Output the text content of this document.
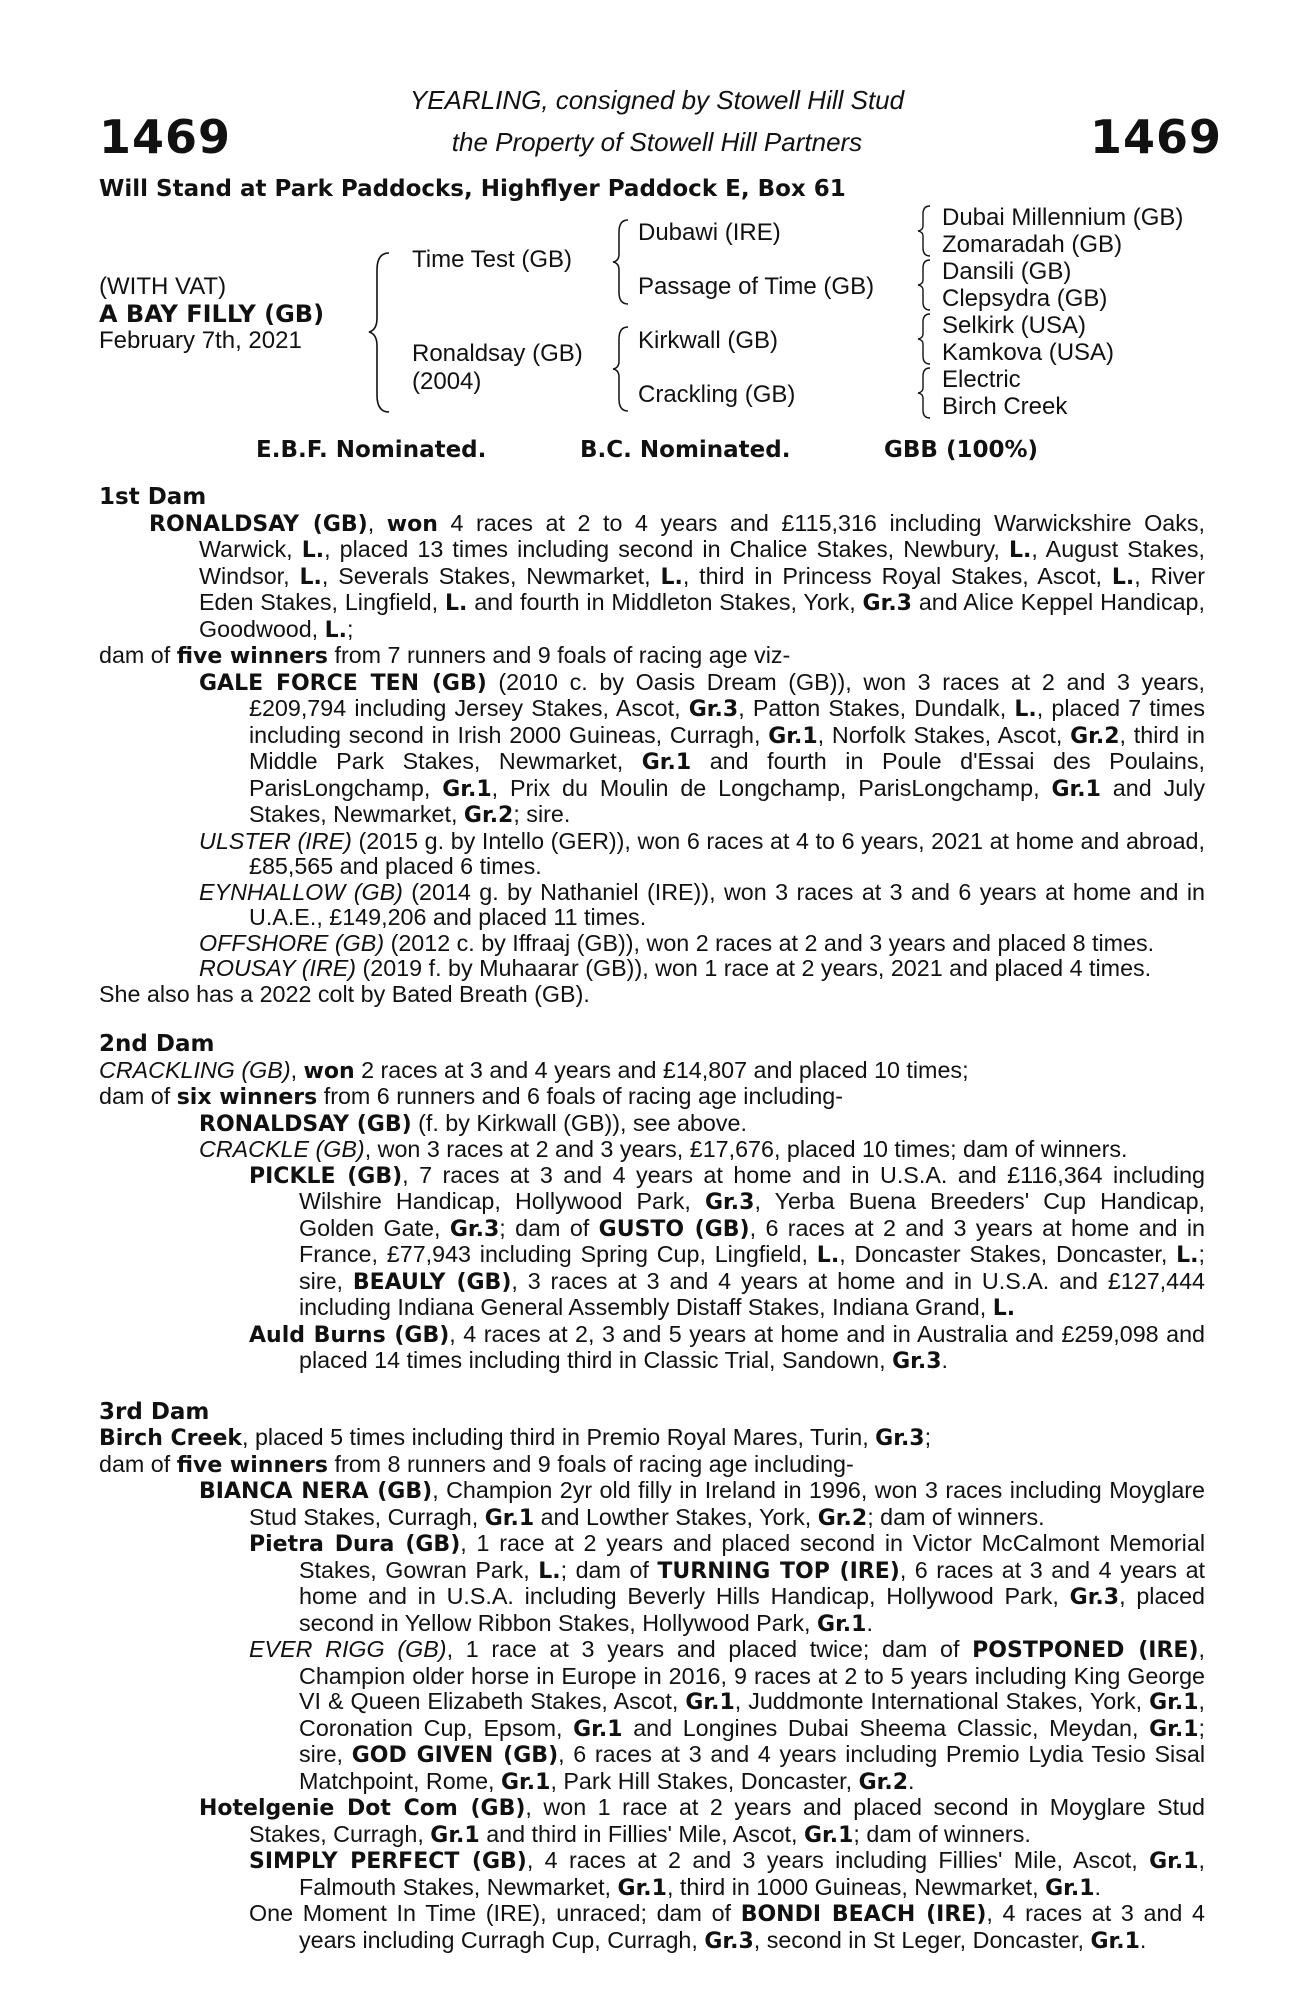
1469	1469
YEARLING, consigned by Stowell Hill Stud
the Property of Stowell Hill Partners
Will Stand at Park Paddocks, Highflyer Paddock E, Box 61
(WITH VAT)
A BAY FILLY (GB)
February 7th, 2021
Time Test (GB)
Ronaldsay (GB)
(2004)
Dubawi (IRE)
Passage of Time (GB)
Kirkwall (GB)
Crackling (GB)
Dubai Millennium (GB)
Zomaradah (GB)
Dansili (GB)
Clepsydra (GB)
Selkirk (USA)
Kamkova (USA)
Electric
Birch Creek
E.B.F. Nominated.	B.C. Nominated.	GBB (100%)
1st Dam

RONALDSAY (GB), won 4 races at 2 to 4 years and £115,316 including Warwickshire Oaks, Warwick, L., placed 13 times including second in Chalice Stakes, Newbury, L., August Stakes, Windsor, L., Severals Stakes, Newmarket, L., third in Princess Royal Stakes, Ascot, L., River Eden Stakes, Lingfield, L. and fourth in Middleton Stakes, York, Gr.3 and Alice Keppel Handicap, Goodwood, L.;

dam of five winners from 7 runners and 9 foals of racing age viz-

GALE FORCE TEN (GB) (2010 c. by Oasis Dream (GB)), won 3 races at 2 and 3 years, £209,794 including Jersey Stakes, Ascot, Gr.3, Patton Stakes, Dundalk, L., placed 7 times including second in Irish 2000 Guineas, Curragh, Gr.1, Norfolk Stakes, Ascot, Gr.2, third in Middle Park Stakes, Newmarket, Gr.1 and fourth in Poule d'Essai des Poulains, ParisLongchamp, Gr.1, Prix du Moulin de Longchamp, ParisLongchamp, Gr.1 and July Stakes, Newmarket, Gr.2; sire.

ULSTER (IRE) (2015 g. by Intello (GER)), won 6 races at 4 to 6 years, 2021 at home and abroad, £85,565 and placed 6 times.

EYNHALLOW (GB) (2014 g. by Nathaniel (IRE)), won 3 races at 3 and 6 years at home and in U.A.E., £149,206 and placed 11 times.

OFFSHORE (GB) (2012 c. by Iffraaj (GB)), won 2 races at 2 and 3 years and placed 8 times.

ROUSAY (IRE) (2019 f. by Muhaarar (GB)), won 1 race at 2 years, 2021 and placed 4 times.

She also has a 2022 colt by Bated Breath (GB).

2nd Dam

CRACKLING (GB), won 2 races at 3 and 4 years and £14,807 and placed 10 times;

dam of six winners from 6 runners and 6 foals of racing age including-

RONALDSAY (GB) (f. by Kirkwall (GB)), see above.

CRACKLE (GB), won 3 races at 2 and 3 years, £17,676, placed 10 times; dam of winners.

PICKLE (GB), 7 races at 3 and 4 years at home and in U.S.A. and £116,364 including Wilshire Handicap, Hollywood Park, Gr.3, Yerba Buena Breeders' Cup Handicap, Golden Gate, Gr.3; dam of GUSTO (GB), 6 races at 2 and 3 years at home and in France, £77,943 including Spring Cup, Lingfield, L., Doncaster Stakes, Doncaster, L.; sire, BEAULY (GB), 3 races at 3 and 4 years at home and in U.S.A. and £127,444 including Indiana General Assembly Distaff Stakes, Indiana Grand, L.

Auld Burns (GB), 4 races at 2, 3 and 5 years at home and in Australia and £259,098 and placed 14 times including third in Classic Trial, Sandown, Gr.3.

3rd Dam

Birch Creek, placed 5 times including third in Premio Royal Mares, Turin, Gr.3;

dam of five winners from 8 runners and 9 foals of racing age including-

BIANCA NERA (GB), Champion 2yr old filly in Ireland in 1996, won 3 races including Moyglare Stud Stakes, Curragh, Gr.1 and Lowther Stakes, York, Gr.2; dam of winners.

Pietra Dura (GB), 1 race at 2 years and placed second in Victor McCalmont Memorial Stakes, Gowran Park, L.; dam of TURNING TOP (IRE), 6 races at 3 and 4 years at home and in U.S.A. including Beverly Hills Handicap, Hollywood Park, Gr.3, placed second in Yellow Ribbon Stakes, Hollywood Park, Gr.1.

EVER RIGG (GB), 1 race at 3 years and placed twice; dam of POSTPONED (IRE), Champion older horse in Europe in 2016, 9 races at 2 to 5 years including King George VI & Queen Elizabeth Stakes, Ascot, Gr.1, Juddmonte International Stakes, York, Gr.1, Coronation Cup, Epsom, Gr.1 and Longines Dubai Sheema Classic, Meydan, Gr.1; sire, GOD GIVEN (GB), 6 races at 3 and 4 years including Premio Lydia Tesio Sisal Matchpoint, Rome, Gr.1, Park Hill Stakes, Doncaster, Gr.2.

Hotelgenie Dot Com (GB), won 1 race at 2 years and placed second in Moyglare Stud Stakes, Curragh, Gr.1 and third in Fillies' Mile, Ascot, Gr.1; dam of winners.

SIMPLY PERFECT (GB), 4 races at 2 and 3 years including Fillies' Mile, Ascot, Gr.1, Falmouth Stakes, Newmarket, Gr.1, third in 1000 Guineas, Newmarket, Gr.1.

One Moment In Time (IRE), unraced; dam of BONDI BEACH (IRE), 4 races at 3 and 4 years including Curragh Cup, Curragh, Gr.3, second in St Leger, Doncaster, Gr.1.
